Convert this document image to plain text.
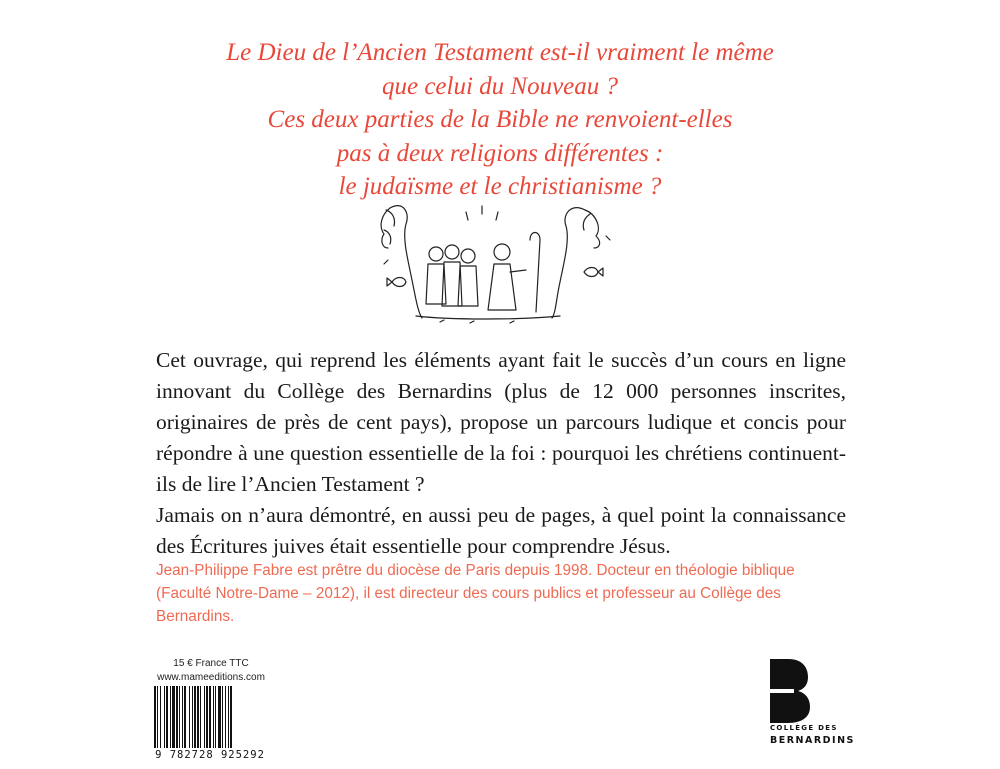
Le Dieu de l’Ancien Testament est-il vraiment le même
que celui du Nouveau ?
Ces deux parties de la Bible ne renvoient-elles
pas à deux religions différentes :
le judaïsme et le christianisme ?

Cet ouvrage, qui reprend les éléments ayant fait le succès d’un cours en ligne innovant du Collège des Bernardins (plus de 12 000 personnes inscrites, originaires de près de cent pays), propose un parcours ludique et concis pour répondre à une question essentielle de la foi : pourquoi les chrétiens continuent-ils de lire l’Ancien Testament ?

Jamais on n’aura démontré, en aussi peu de pages, à quel point la connaissance des Écritures juives était essentielle pour comprendre Jésus.

Jean-Philippe Fabre est prêtre du diocèse de Paris depuis 1998. Docteur en théologie biblique (Faculté Notre-Dame – 2012), il est directeur des cours publics et professeur au Collège des Bernardins.
15 € France TTC
www.mameeditions.com
9 782728 925292
COLLÈGE DES
BERNARDINS
